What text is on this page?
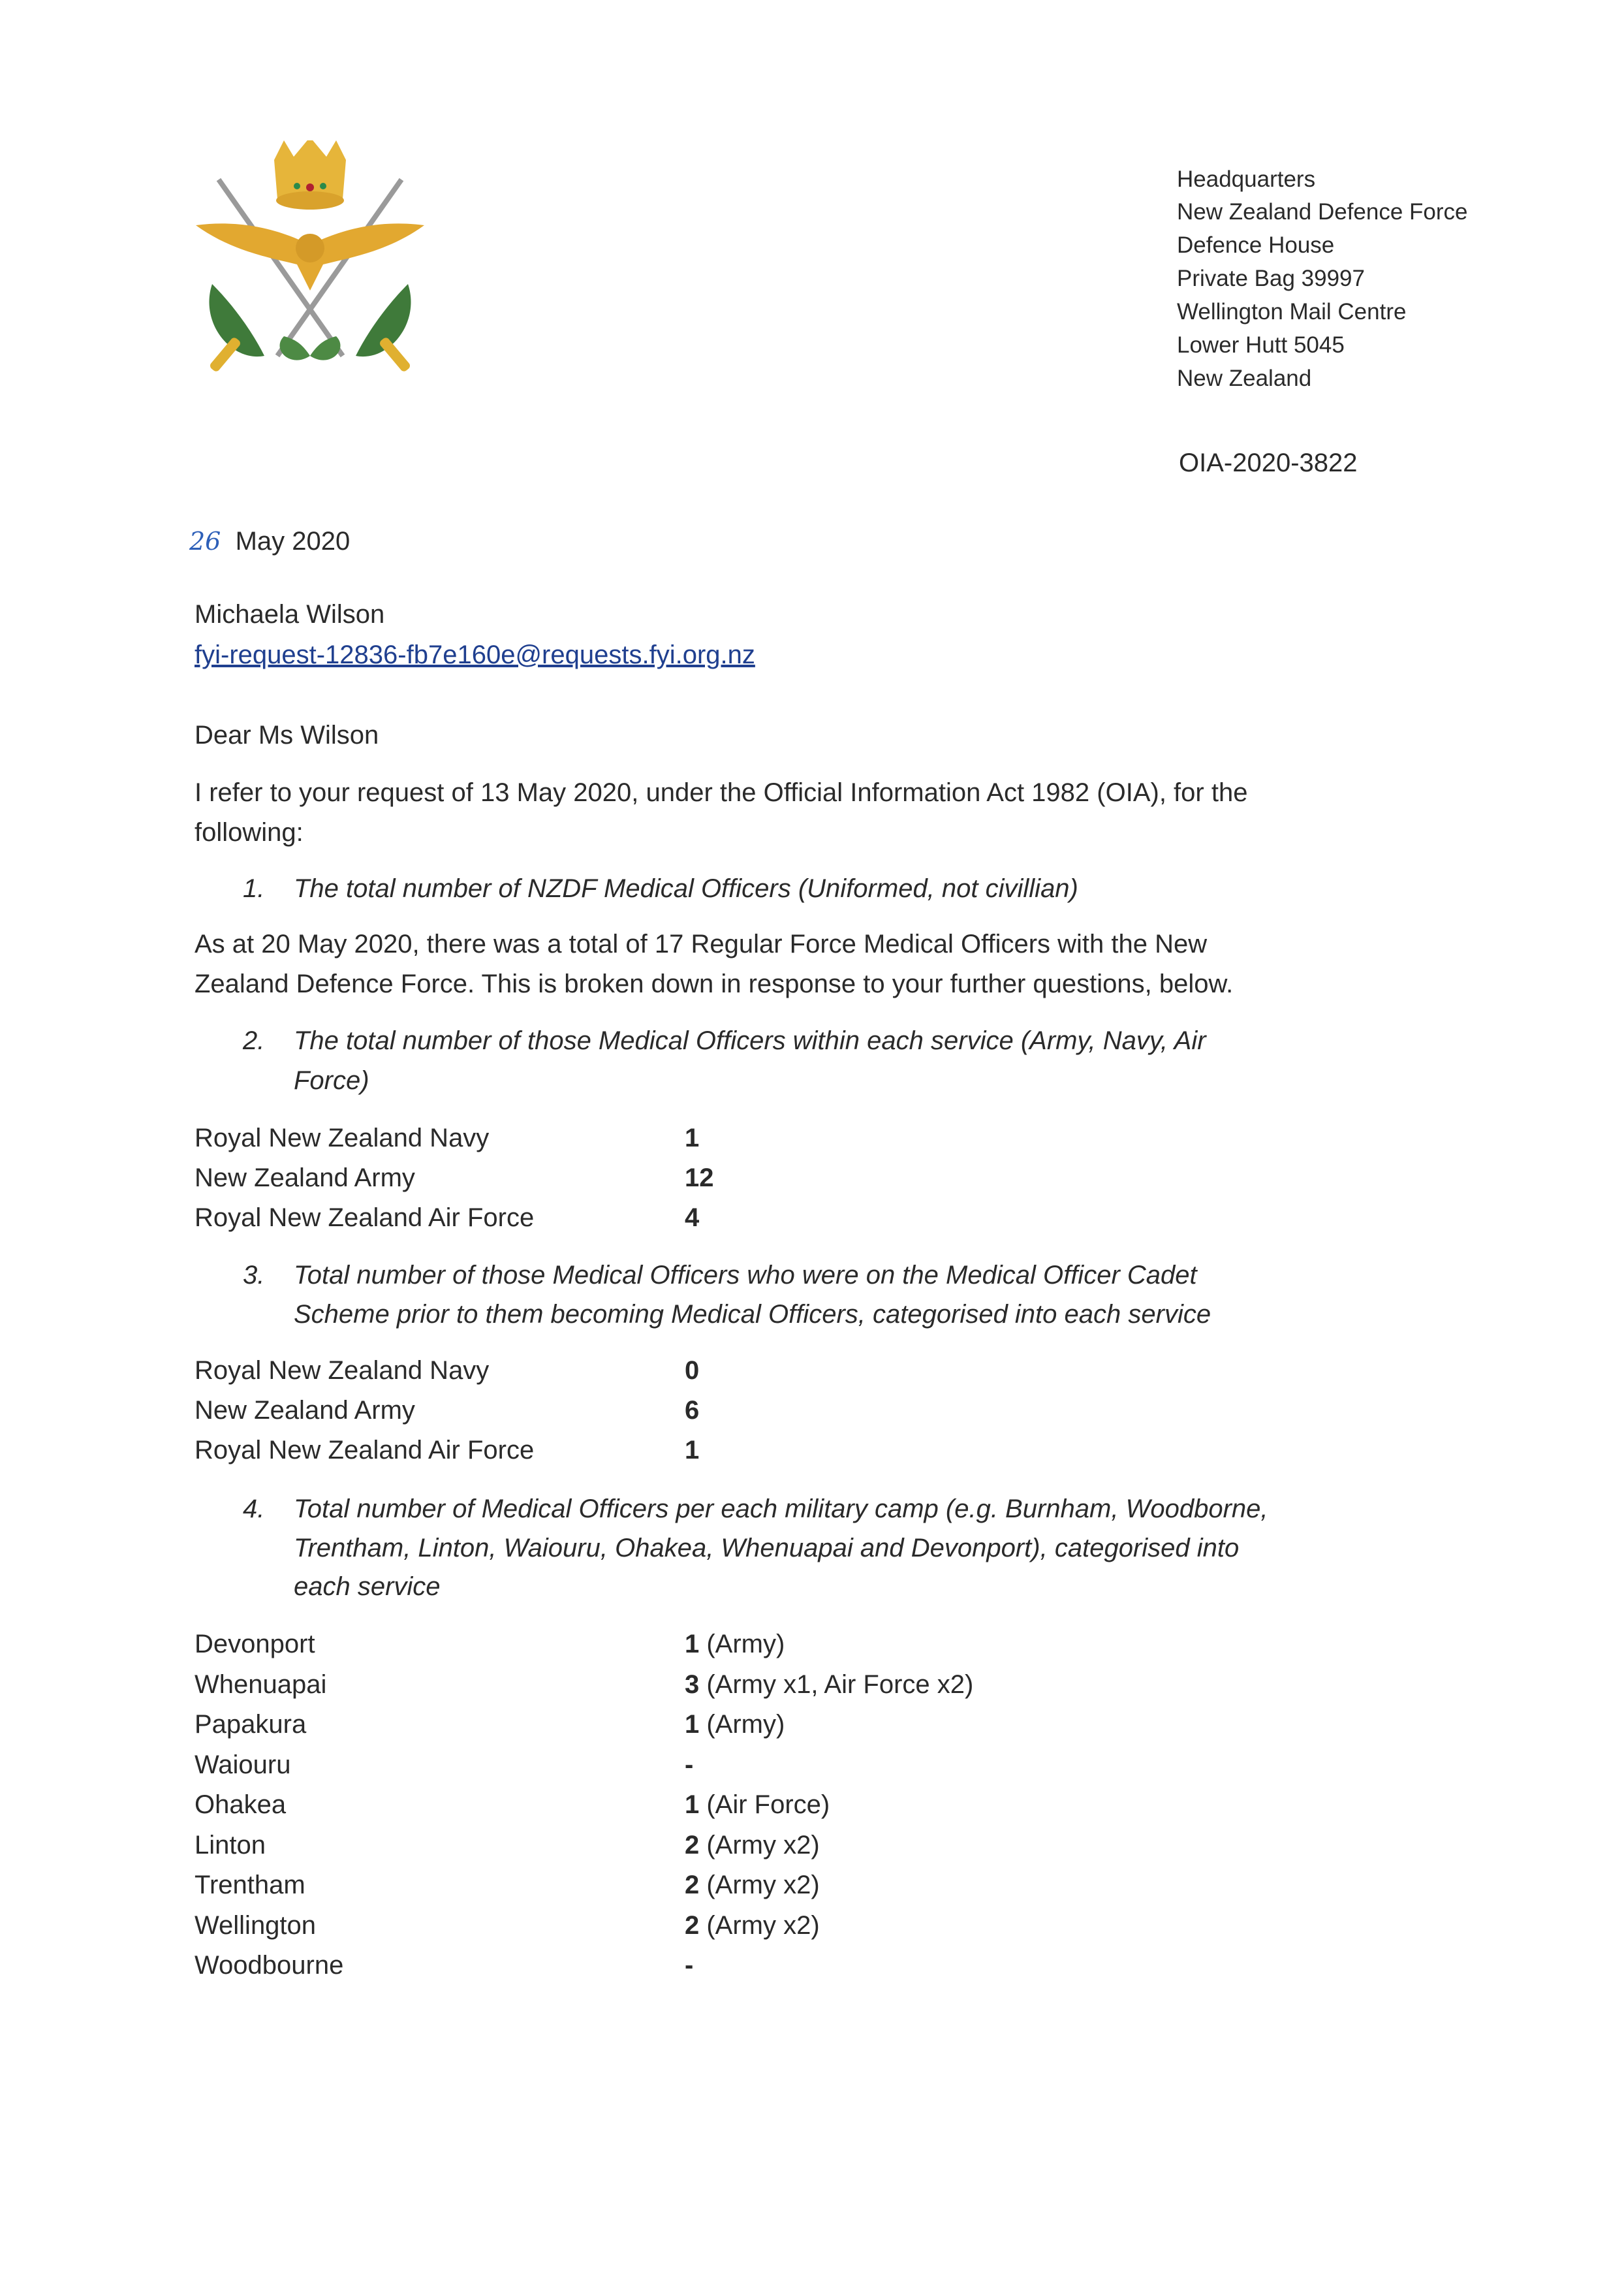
Headquarters
New Zealand Defence Force
Defence House
Private Bag 39997
Wellington Mail Centre
Lower Hutt 5045
New Zealand
OIA-2020-3822
26 May 2020
Michaela Wilson
fyi-request-12836-fb7e160e@requests.fyi.org.nz
Dear Ms Wilson
I refer to your request of 13 May 2020, under the Official Information Act 1982 (OIA), for the
following:
1. The total number of NZDF Medical Officers (Uniformed, not civillian)
As at 20 May 2020, there was a total of 17 Regular Force Medical Officers with the New
Zealand Defence Force. This is broken down in response to your further questions, below.
2. The total number of those Medical Officers within each service (Army, Navy, Air
Force)
Royal New Zealand Navy	1
New Zealand Army	12
Royal New Zealand Air Force	4
3. Total number of those Medical Officers who were on the Medical Officer Cadet
Scheme prior to them becoming Medical Officers, categorised into each service
Royal New Zealand Navy	0
New Zealand Army	6
Royal New Zealand Air Force	1
4. Total number of Medical Officers per each military camp (e.g. Burnham, Woodborne,
Trentham, Linton, Waiouru, Ohakea, Whenuapai and Devonport), categorised into
each service
Devonport	1 (Army)
Whenuapai	3 (Army x1, Air Force x2)
Papakura	1 (Army)
Waiouru	-
Ohakea	1 (Air Force)
Linton	2 (Army x2)
Trentham	2 (Army x2)
Wellington	2 (Army x2)
Woodbourne	-
